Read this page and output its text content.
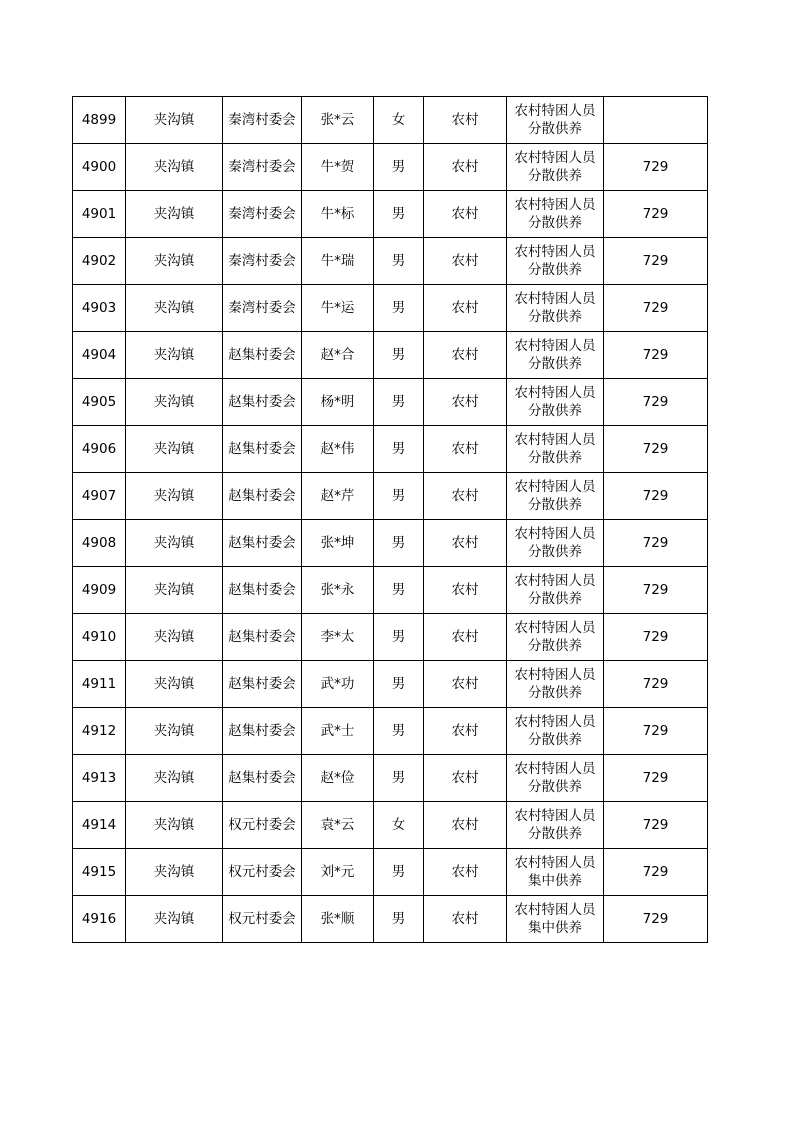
4899	夹沟镇	秦湾村委会	张*云	女	农村	农村特困人员分散供养	
4900	夹沟镇	秦湾村委会	牛*贺	男	农村	农村特困人员分散供养	729
4901	夹沟镇	秦湾村委会	牛*标	男	农村	农村特困人员分散供养	729
4902	夹沟镇	秦湾村委会	牛*瑞	男	农村	农村特困人员分散供养	729
4903	夹沟镇	秦湾村委会	牛*运	男	农村	农村特困人员分散供养	729
4904	夹沟镇	赵集村委会	赵*合	男	农村	农村特困人员分散供养	729
4905	夹沟镇	赵集村委会	杨*明	男	农村	农村特困人员分散供养	729
4906	夹沟镇	赵集村委会	赵*伟	男	农村	农村特困人员分散供养	729
4907	夹沟镇	赵集村委会	赵*芹	男	农村	农村特困人员分散供养	729
4908	夹沟镇	赵集村委会	张*坤	男	农村	农村特困人员分散供养	729
4909	夹沟镇	赵集村委会	张*永	男	农村	农村特困人员分散供养	729
4910	夹沟镇	赵集村委会	李*太	男	农村	农村特困人员分散供养	729
4911	夹沟镇	赵集村委会	武*功	男	农村	农村特困人员分散供养	729
4912	夹沟镇	赵集村委会	武*士	男	农村	农村特困人员分散供养	729
4913	夹沟镇	赵集村委会	赵*俭	男	农村	农村特困人员分散供养	729
4914	夹沟镇	权元村委会	袁*云	女	农村	农村特困人员分散供养	729
4915	夹沟镇	权元村委会	刘*元	男	农村	农村特困人员集中供养	729
4916	夹沟镇	权元村委会	张*顺	男	农村	农村特困人员集中供养	729
